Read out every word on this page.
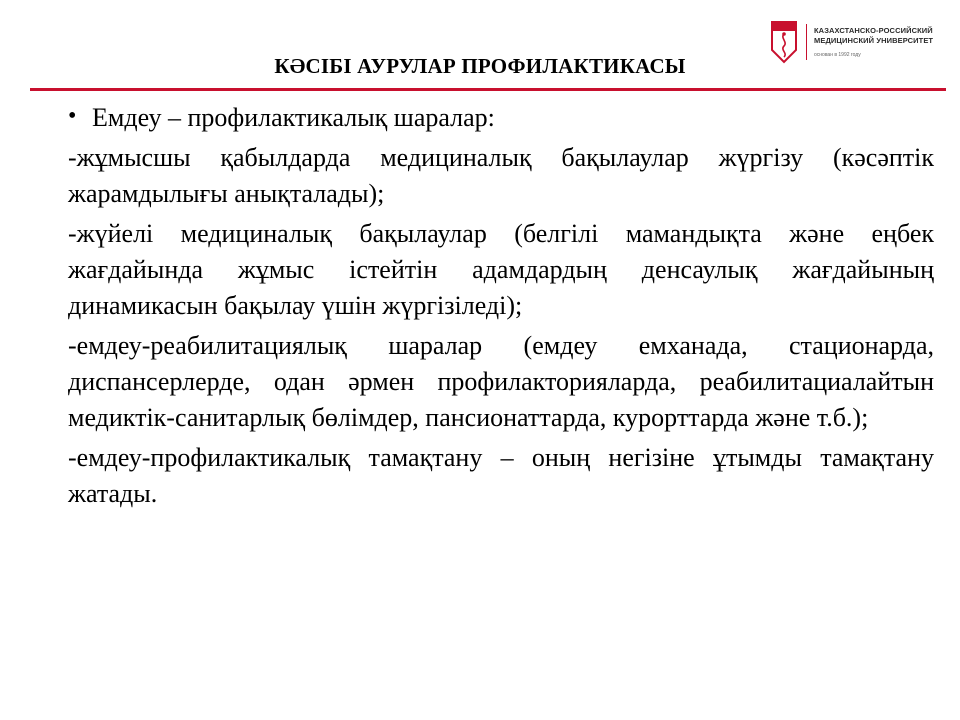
КӘСІБІ АУРУЛАР ПРОФИЛАКТИКАСЫ
КАЗАХСТАНСКО-РОССИЙСКИЙ
МЕДИЦИНСКИЙ УНИВЕРСИТЕТ
основан в 1992 году

• Емдеу – профилактикалық шаралар:

-жұмысшы қабылдарда медициналық бақылаулар жүргізу (кәсәптік жарамдылығы анықталады);

-жүйелі медициналық бақылаулар (белгілі мамандықта және еңбек жағдайында жұмыс істейтін адамдардың денсаулық жағдайының динамикасын бақылау үшін жүргізіледі);

-емдеу-реабилитациялық шаралар (емдеу емханада, стационарда, диспансерлерде, одан әрмен профилакторияларда, реабилитациалайтын медиктік-санитарлық бөлімдер, пансионаттарда, курорттарда және т.б.);

-емдеу-профилактикалық тамақтану – оның негізіне ұтымды тамақтану жатады.
